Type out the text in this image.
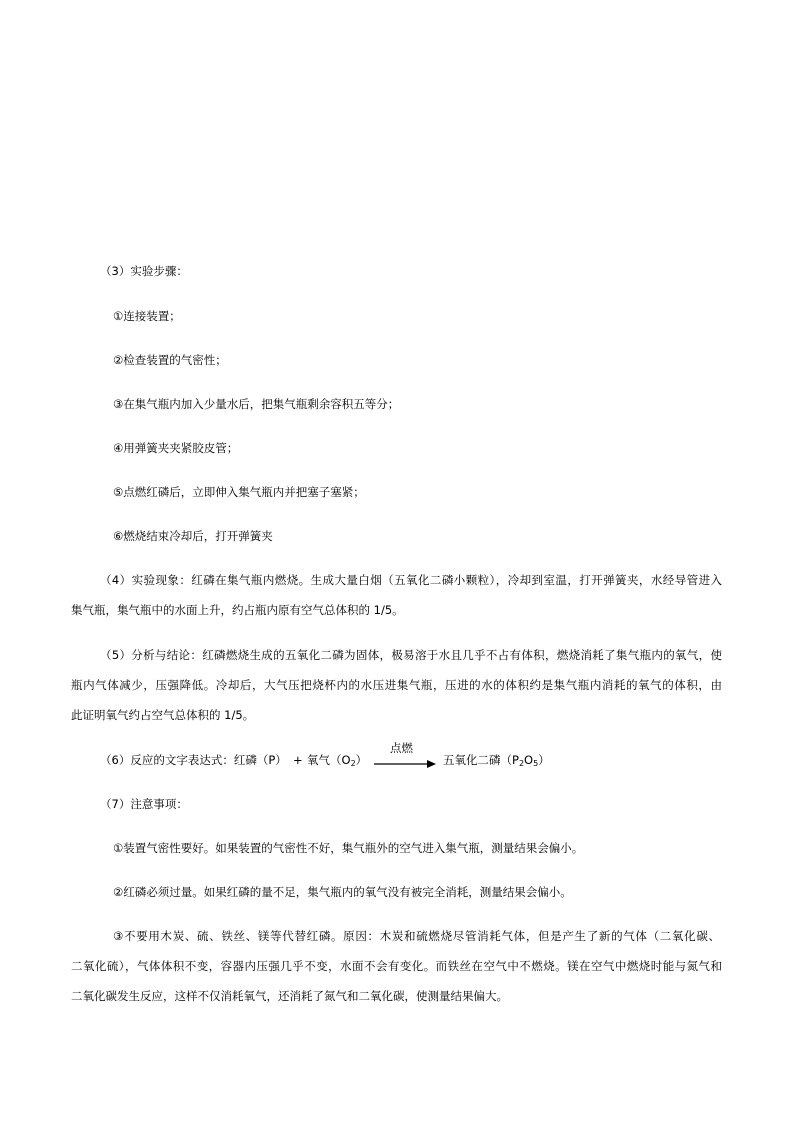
（3）实验步骤：
①连接装置；
②检查装置的气密性；
③在集气瓶内加入少量水后，把集气瓶剩余容积五等分；
④用弹簧夹夹紧胶皮管；
⑤点燃红磷后，立即伸入集气瓶内并把塞子塞紧；
⑥燃烧结束冷却后，打开弹簧夹
（4）实验现象：红磷在集气瓶内燃烧。生成大量白烟（五氧化二磷小颗粒），冷却到室温，打开弹簧夹，水经导管进入
集气瓶，集气瓶中的水面上升，约占瓶内原有空气总体积的 1/5。
（5）分析与结论：红磷燃烧生成的五氧化二磷为固体，极易溶于水且几乎不占有体积，燃烧消耗了集气瓶内的氧气，使
瓶内气体减少，压强降低。冷却后，大气压把烧杯内的水压进集气瓶，压进的水的体积约是集气瓶内消耗的氧气的体积，由
此证明氧气约占空气总体积的 1/5。
（6）反应的文字表达式：红磷（P） + 氧气$(O_2)$
点燃
五氧化二磷$(P_2O_5)$
（7）注意事项：
①装置气密性要好。如果装置的气密性不好，集气瓶外的空气进入集气瓶，测量结果会偏小。
②红磷必须过量。如果红磷的量不足，集气瓶内的氧气没有被完全消耗，测量结果会偏小。
③不要用木炭、硫、铁丝、镁等代替红磷。原因：木炭和硫燃烧尽管消耗气体，但是产生了新的气体（二氧化碳、
二氧化硫），气体体积不变，容器内压强几乎不变，水面不会有变化。而铁丝在空气中不燃烧。镁在空气中燃烧时能与氮气和
二氧化碳发生反应，这样不仅消耗氧气，还消耗了氮气和二氧化碳，使测量结果偏大。
